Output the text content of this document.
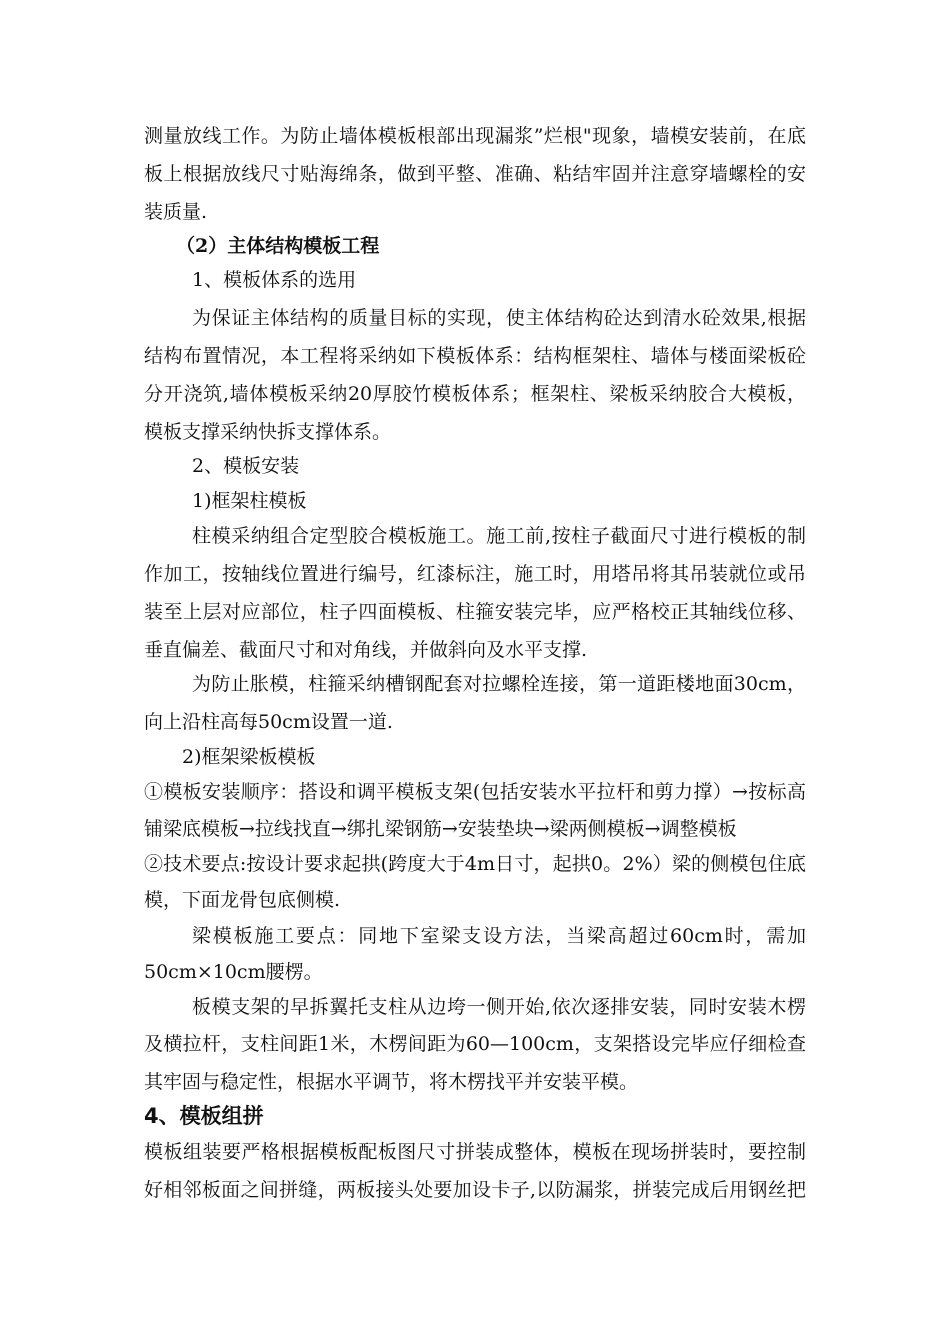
测量放线工作。为防止墙体模板根部出现漏浆”烂根"现象，墙模安装前，在底
板上根据放线尺寸贴海绵条，做到平整、准确、粘结牢固并注意穿墙螺栓的安
装质量.
（2）主体结构模板工程
1、模板体系的选用
为保证主体结构的质量目标的实现，使主体结构砼达到清水砼效果,根据
结构布置情况，本工程将采纳如下模板体系：结构框架柱、墙体与楼面梁板砼
分开浇筑,墙体模板采纳20厚胶竹模板体系；框架柱、梁板采纳胶合大模板，
模板支撑采纳快拆支撑体系。
2、模板安装
1)框架柱模板
柱模采纳组合定型胶合模板施工。施工前,按柱子截面尺寸进行模板的制
作加工，按轴线位置进行编号，红漆标注，施工时，用塔吊将其吊装就位或吊
装至上层对应部位，柱子四面模板、柱箍安装完毕，应严格校正其轴线位移、
垂直偏差、截面尺寸和对角线，并做斜向及水平支撑.
为防止胀模，柱箍采纳槽钢配套对拉螺栓连接，第一道距楼地面30cm，
向上沿柱高每50cm设置一道.
2)框架梁板模板
①模板安装顺序：搭设和调平模板支架(包括安装水平拉杆和剪力撑）→按标高
铺梁底模板→拉线找直→绑扎梁钢筋→安装垫块→梁两侧模板→调整模板
②技术要点:按设计要求起拱(跨度大于4m日寸，起拱0。2%）梁的侧模包住底
模，下面龙骨包底侧模.
梁模板施工要点：同地下室梁支设方法，当梁高超过60cm时，需加
50cm×10cm腰楞。
板模支架的早拆翼托支柱从边垮一侧开始,依次逐排安装，同时安装木楞
及横拉杆，支柱间距1米，木楞间距为60—100cm，支架搭设完毕应仔细检查
其牢固与稳定性，根据水平调节，将木楞找平并安装平模。
4、模板组拼
模板组装要严格根据模板配板图尺寸拼装成整体，模板在现场拼装时，要控制
好相邻板面之间拼缝，两板接头处要加设卡子,以防漏浆，拼装完成后用钢丝把
